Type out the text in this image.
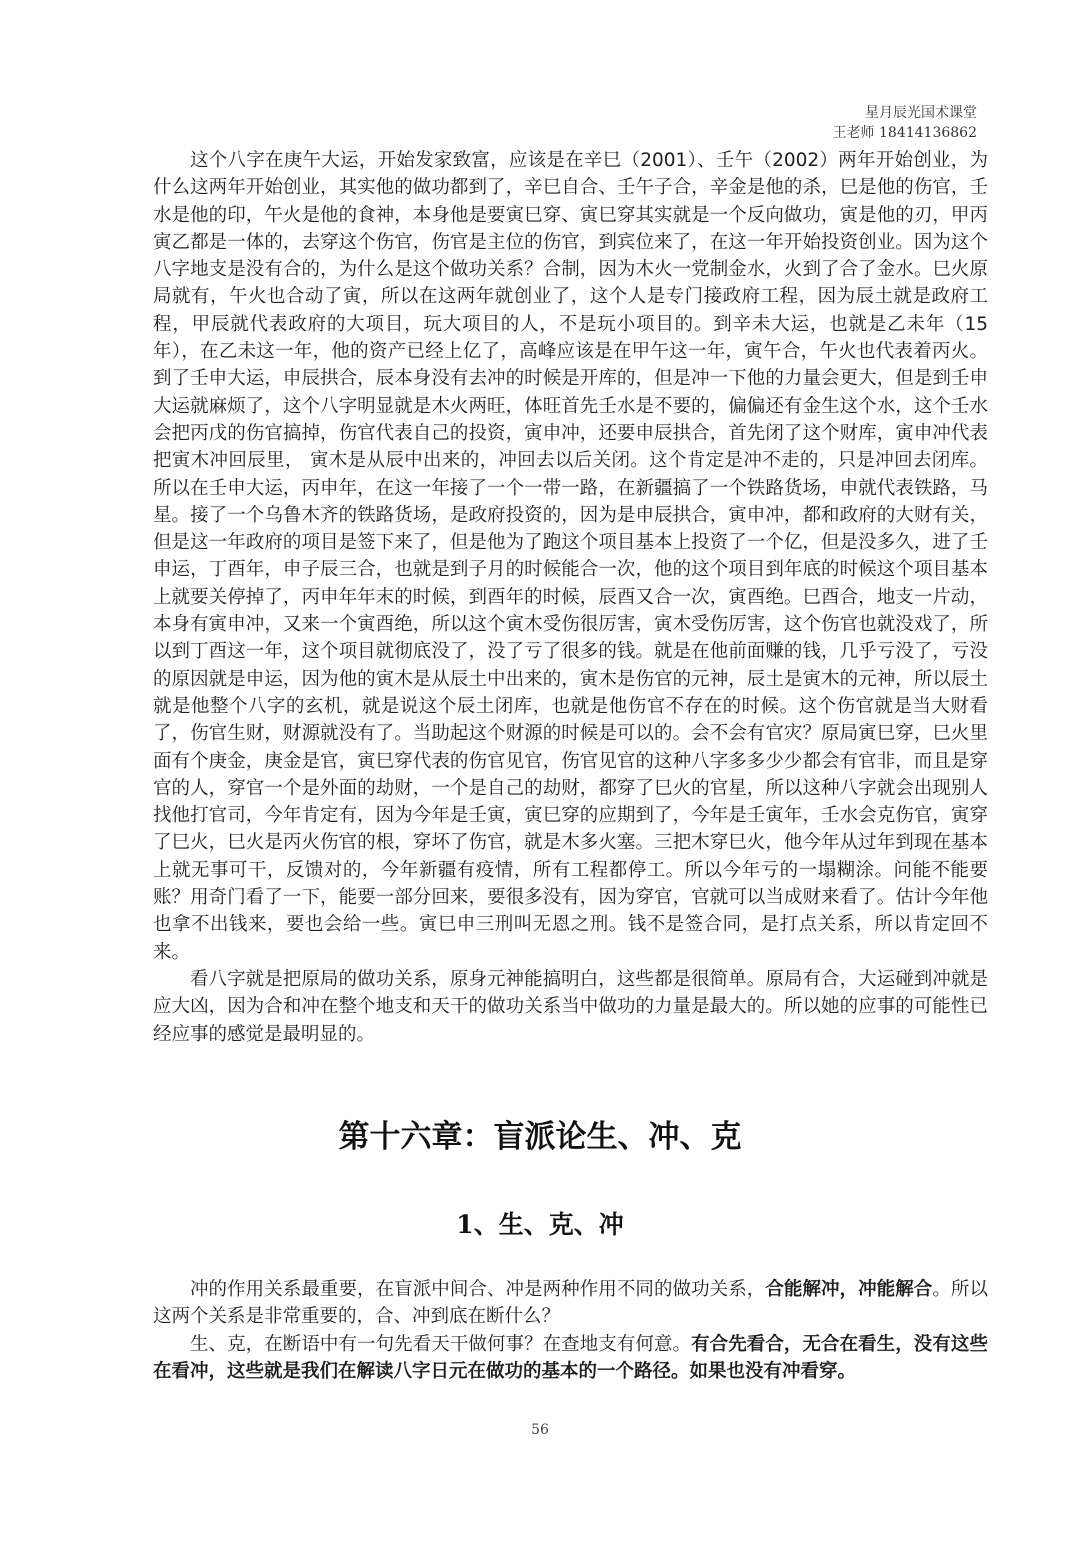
星月辰光国术课堂
王老师 18414136862

这个八字在庚午大运，开始发家致富，应该是在辛巳（2001）、壬午（2002）两年开始创业，为什么这两年开始创业，其实他的做功都到了，辛巳自合、壬午子合，辛金是他的杀，巳是他的伤官，壬水是他的印，午火是他的食神，本身他是要寅巳穿、寅巳穿其实就是一个反向做功，寅是他的刃，甲丙寅乙都是一体的，去穿这个伤官，伤官是主位的伤官，到宾位来了，在这一年开始投资创业。因为这个八字地支是没有合的，为什么是这个做功关系？合制，因为木火一党制金水，火到了合了金水。巳火原局就有，午火也合动了寅，所以在这两年就创业了，这个人是专门接政府工程，因为辰土就是政府工程，甲辰就代表政府的大项目，玩大项目的人，不是玩小项目的。到辛未大运，也就是乙未年（15年），在乙未这一年，他的资产已经上亿了，高峰应该是在甲午这一年，寅午合，午火也代表着丙火。到了壬申大运，申辰拱合，辰本身没有去冲的时候是开库的，但是冲一下他的力量会更大，但是到壬申大运就麻烦了，这个八字明显就是木火两旺，体旺首先壬水是不要的，偏偏还有金生这个水，这个壬水会把丙戊的伤官搞掉，伤官代表自己的投资，寅申冲，还要申辰拱合，首先闭了这个财库，寅申冲代表把寅木冲回辰里， 寅木是从辰中出来的，冲回去以后关闭。这个肯定是冲不走的，只是冲回去闭库。所以在壬申大运，丙申年，在这一年接了一个一带一路，在新疆搞了一个铁路货场，申就代表铁路，马星。接了一个乌鲁木齐的铁路货场，是政府投资的，因为是申辰拱合，寅申冲，都和政府的大财有关，但是这一年政府的项目是签下来了，但是他为了跑这个项目基本上投资了一个亿，但是没多久，进了壬申运，丁酉年，申子辰三合，也就是到子月的时候能合一次，他的这个项目到年底的时候这个项目基本上就要关停掉了，丙申年年末的时候，到酉年的时候，辰酉又合一次，寅酉绝。巳酉合，地支一片动，本身有寅申冲，又来一个寅酉绝，所以这个寅木受伤很厉害，寅木受伤厉害，这个伤官也就没戏了，所以到丁酉这一年，这个项目就彻底没了，没了亏了很多的钱。就是在他前面赚的钱，几乎亏没了，亏没的原因就是申运，因为他的寅木是从辰土中出来的，寅木是伤官的元神，辰土是寅木的元神，所以辰土就是他整个八字的玄机，就是说这个辰土闭库，也就是他伤官不存在的时候。这个伤官就是当大财看了，伤官生财，财源就没有了。当助起这个财源的时候是可以的。会不会有官灾？原局寅巳穿，巳火里面有个庚金，庚金是官，寅巳穿代表的伤官见官，伤官见官的这种八字多多少少都会有官非，而且是穿官的人，穿官一个是外面的劫财，一个是自己的劫财，都穿了巳火的官星，所以这种八字就会出现别人找他打官司，今年肯定有，因为今年是壬寅，寅巳穿的应期到了，今年是壬寅年，壬水会克伤官，寅穿了巳火，巳火是丙火伤官的根，穿坏了伤官，就是木多火塞。三把木穿巳火，他今年从过年到现在基本上就无事可干，反馈对的，今年新疆有疫情，所有工程都停工。所以今年亏的一塌糊涂。问能不能要账？用奇门看了一下，能要一部分回来，要很多没有，因为穿官，官就可以当成财来看了。估计今年他也拿不出钱来，要也会给一些。寅巳申三刑叫无恩之刑。钱不是签合同，是打点关系，所以肯定回不来。

看八字就是把原局的做功关系，原身元神能搞明白，这些都是很简单。原局有合，大运碰到冲就是应大凶，因为合和冲在整个地支和天干的做功关系当中做功的力量是最大的。所以她的应事的可能性已经应事的感觉是最明显的。

第十六章：盲派论生、冲、克
1、生、克、冲

冲的作用关系最重要，在盲派中间合、冲是两种作用不同的做功关系，合能解冲，冲能解合。所以这两个关系是非常重要的，合、冲到底在断什么？

生、克，在断语中有一句先看天干做何事？在查地支有何意。有合先看合，无合在看生，没有这些在看冲，这些就是我们在解读八字日元在做功的基本的一个路径。如果也没有冲看穿。

56
